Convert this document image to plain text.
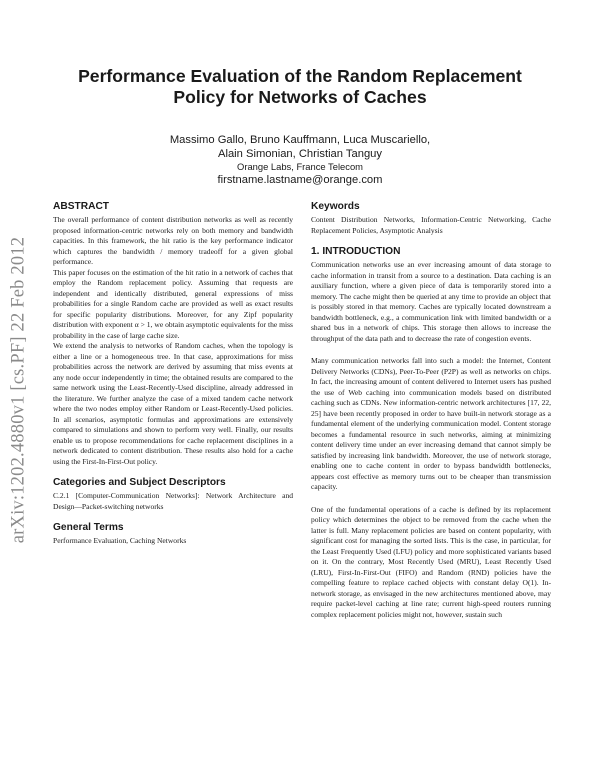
arXiv:1202.4880v1 [cs.PF] 22 Feb 2012
Performance Evaluation of the Random Replacement
Policy for Networks of Caches
Massimo Gallo, Bruno Kauffmann, Luca Muscariello,
Alain Simonian, Christian Tanguy
Orange Labs, France Telecom
firstname.lastname@orange.com
ABSTRACT

The overall performance of content distribution networks as well as recently proposed information-centric networks rely on both memory and bandwidth capacities. In this framework, the hit ratio is the key performance indicator which captures the bandwidth / memory tradeoff for a given global performance.

This paper focuses on the estimation of the hit ratio in a network of caches that employ the Random replacement policy. Assuming that requests are independent and identically distributed, general expressions of miss probabilities for a single Random cache are provided as well as exact results for specific popularity distributions. Moreover, for any Zipf popularity distribution with exponent α > 1, we obtain asymptotic equivalents for the miss probability in the case of large cache size.

We extend the analysis to networks of Random caches, when the topology is either a line or a homogeneous tree. In that case, approximations for miss probabilities across the network are derived by assuming that miss events at any node occur independently in time; the obtained results are compared to the same network using the Least-Recently-Used discipline, already addressed in the literature. We further analyze the case of a mixed tandem cache network where the two nodes employ either Random or Least-Recently-Used policies. In all scenarios, asymptotic formulas and approximations are extensively compared to simulations and shown to perform very well. Finally, our results enable us to propose recommendations for cache replacement disciplines in a network dedicated to content distribution. These results also hold for a cache using the First-In-First-Out policy.

Categories and Subject Descriptors

C.2.1 [Computer-Communication Networks]: Network Architecture and Design—Packet-switching networks

General Terms

Performance Evaluation, Caching Networks

Keywords

Content Distribution Networks, Information-Centric Networking, Cache Replacement Policies, Asymptotic Analysis

1. INTRODUCTION

Communication networks use an ever increasing amount of data storage to cache information in transit from a source to a destination. Data caching is an auxiliary function, where a given piece of data is temporarily stored into a memory. The cache might then be queried at any time to provide an object that is possibly stored in that memory. Caches are typically located downstream a bandwidth bottleneck, e.g., a communication link with limited bandwidth or a shared bus in a network of chips. This storage then allows to increase the throughput of the data path and to decrease the rate of congestion events.

Many communication networks fall into such a model: the Internet, Content Delivery Networks (CDNs), Peer-To-Peer (P2P) as well as networks on chips. In fact, the increasing amount of content delivered to Internet users has pushed the use of Web caching into communication models based on distributed caching such as CDNs. New information-centric network architectures [17, 22, 25] have been recently proposed in order to have built-in network storage as a fundamental element of the underlying communication model. Content storage becomes a fundamental resource in such networks, aiming at minimizing content delivery time under an ever increasing demand that cannot simply be satisfied by increasing link bandwidth. Moreover, the use of network storage, enabling one to cache content in order to bypass bandwidth bottlenecks, appears cost effective as memory turns out to be cheaper than transmission capacity.

One of the fundamental operations of a cache is defined by its replacement policy which determines the object to be removed from the cache when the latter is full. Many replacement policies are based on content popularity, with significant cost for managing the sorted lists. This is the case, in particular, for the Least Frequently Used (LFU) policy and more sophisticated variants based on it. On the contrary, Most Recently Used (MRU), Least Recently Used (LRU), First-In-First-Out (FIFO) and Random (RND) policies have the compelling feature to replace cached objects with constant delay O(1). In-network storage, as envisaged in the new architectures mentioned above, may require packet-level caching at line rate; current high-speed routers running complex replacement policies might not, however, sustain such
